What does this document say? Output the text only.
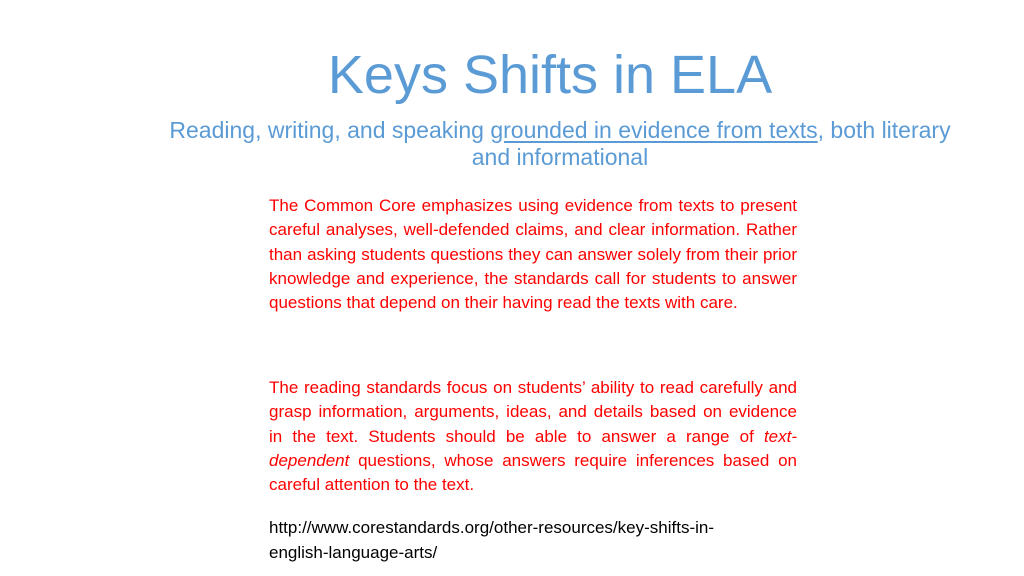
Keys Shifts in ELA

Reading, writing, and speaking grounded in evidence from texts, both literary and informational

The Common Core emphasizes using evidence from texts to present careful analyses, well-defended claims, and clear information. Rather than asking students questions they can answer solely from their prior knowledge and experience, the standards call for students to answer questions that depend on their having read the texts with care.

The reading standards focus on students’ ability to read carefully and grasp information, arguments, ideas, and details based on evidence in the text. Students should be able to answer a range of text-dependent questions, whose answers require inferences based on careful attention to the text.

http://www.corestandards.org/other-resources/key-shifts-in-
english-language-arts/
